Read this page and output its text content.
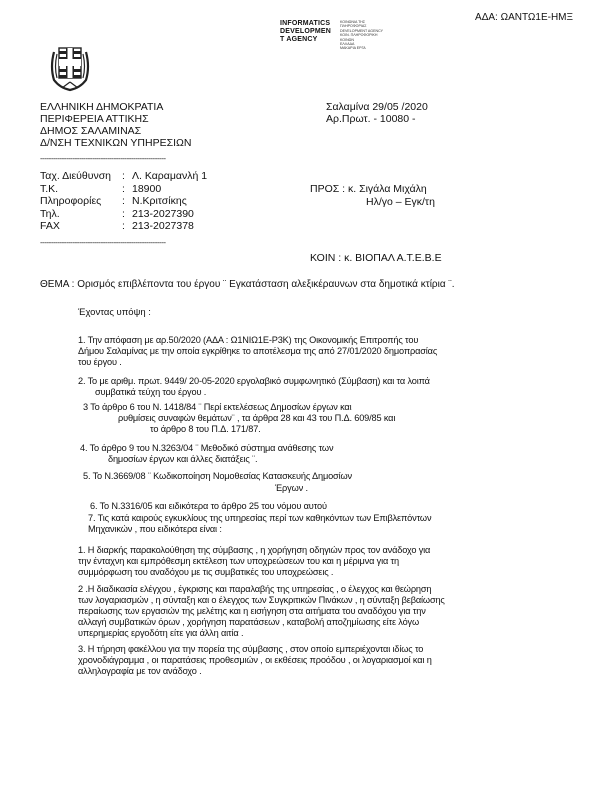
ΑΔΑ: ΩΑΝΤΩ1Ε-ΗΜΞ
INFORMATICS
DEVELOPMEN
T AGENCY
ΚΟΙΝΩΝΙΑ ΤΗΣ
ΠΛΗΡΟΦΟΡΙΑΣ
DEVELOPMENT AGENCY
ΚΟΙΝ. ΠΛΗΡΟΦΟΡΙΚΗ
ΚΟΙΝΩΝ
ΕΛΛΑΔΑ
ΜΑΚΑΡΙΑ ΕΡΓΑ
ΕΛΛΗΝΙΚΗ ΔΗΜΟΚΡΑΤΙΑ
ΠΕΡΙΦΕΡΕΙΑ ΑΤΤΙΚΗΣ
ΔΗΜΟΣ ΣΑΛΑΜΙΝΑΣ
Δ/ΝΣΗ ΤΕΧΝΙΚΩΝ ΥΠΗΡΕΣΙΩΝ
Σαλαμίνα 29/05 /2020
Αρ.Πρωτ. - 10080 -
----------------------------------------------------------
Ταχ. Διεύθυνση : Λ. Καραμανλή 1
Τ.Κ.	: 18900
Πληροφορίες : Ν.Κριτσίκης
Τηλ.	: 213-2027390
FAX	: 213-2027378
----------------------------------------------------------
ΠΡΟΣ : κ. Σιγάλα Μιχάλη
Ηλ/γο – Εγκ/τη
ΚΟΙΝ : κ. ΒΙΟΠΑΛ Α.Τ.Ε.Β.Ε
ΘΕΜΑ : Ορισμός επιβλέποντα του έργου ¨ Εγκατάσταση αλεξικέραυνων στα δημοτικά κτίρια ¨.
Έχοντας υπόψη :
1. Την απόφαση με αρ.50/2020 (ΑΔΑ : Ω1ΝΙΩ1Ε-Ρ3Κ) της Οικονομικής Επιτροπής του
Δήμου Σαλαμίνας με την οποία εγκρίθηκε το αποτέλεσμα της από 27/01/2020 δημοπρασίας
του έργου .
2. Το με αριθμ. πρωτ. 9449/ 20-05-2020 εργολαβικό συμφωνητικό (Σύμβαση) και τα λοιπά
συμβατικά τεύχη του έργου .
3 Το άρθρο 6 του Ν. 1418/84 ¨ Περί εκτελέσεως Δημοσίων έργων και
ρυθμίσεις συναφών θεμάτων¨ , τα άρθρα 28 και 43 του Π.Δ. 609/85 και
το άρθρο 8 του Π.Δ. 171/87.
4. Το άρθρο 9 του Ν.3263/04 ¨ Μεθοδικό σύστημα ανάθεσης των
δημοσίων έργων και άλλες διατάξεις ¨.
5. Το Ν.3669/08 ¨ Κωδικοποίηση Νομοθεσίας Κατασκευής Δημοσίων
Έργων .
6. Το Ν.3316/05 και ειδικότερα το άρθρο 25 του νόμου αυτού
7. Τις κατά καιρούς εγκυκλίους της υπηρεσίας περί των καθηκόντων των Επιβλεπόντων
Μηχανικών , που ειδικότερα είναι :
1. Η διαρκής παρακολούθηση της σύμβασης , η χορήγηση οδηγιών προς τον ανάδοχο για
την ένταχνη και εμπρόθεσμη εκτέλεση των υποχρεώσεων του και η μέριμνα για τη
συμμόρφωση του αναδόχου με τις συμβατικές του υποχρεώσεις .
2 .Η διαδικασία ελέγχου , έγκρισης και παραλαβής της υπηρεσίας , ο έλεγχος και θεώρηση
των λογαριασμών , η σύνταξη και ο έλεγχος των Συγκριτικών Πινάκων , η σύνταξη βεβαίωσης
περαίωσης των εργασιών της μελέτης και η εισήγηση στα αιτήματα του αναδόχου για την
αλλαγή συμβατικών όρων , χορήγηση παρατάσεων , καταβολή αποζημίωσης είτε λόγω
υπερημερίας εργοδότη είτε για άλλη αιτία .
3. Η τήρηση φακέλλου για την πορεία της σύμβασης , στον οποίο εμπεριέχονται ιδίως το
χρονοδιάγραμμα , οι παρατάσεις προθεσμιών , οι εκθέσεις προόδου , οι λογαριασμοί και η
αλληλογραφία με τον ανάδοχο .
